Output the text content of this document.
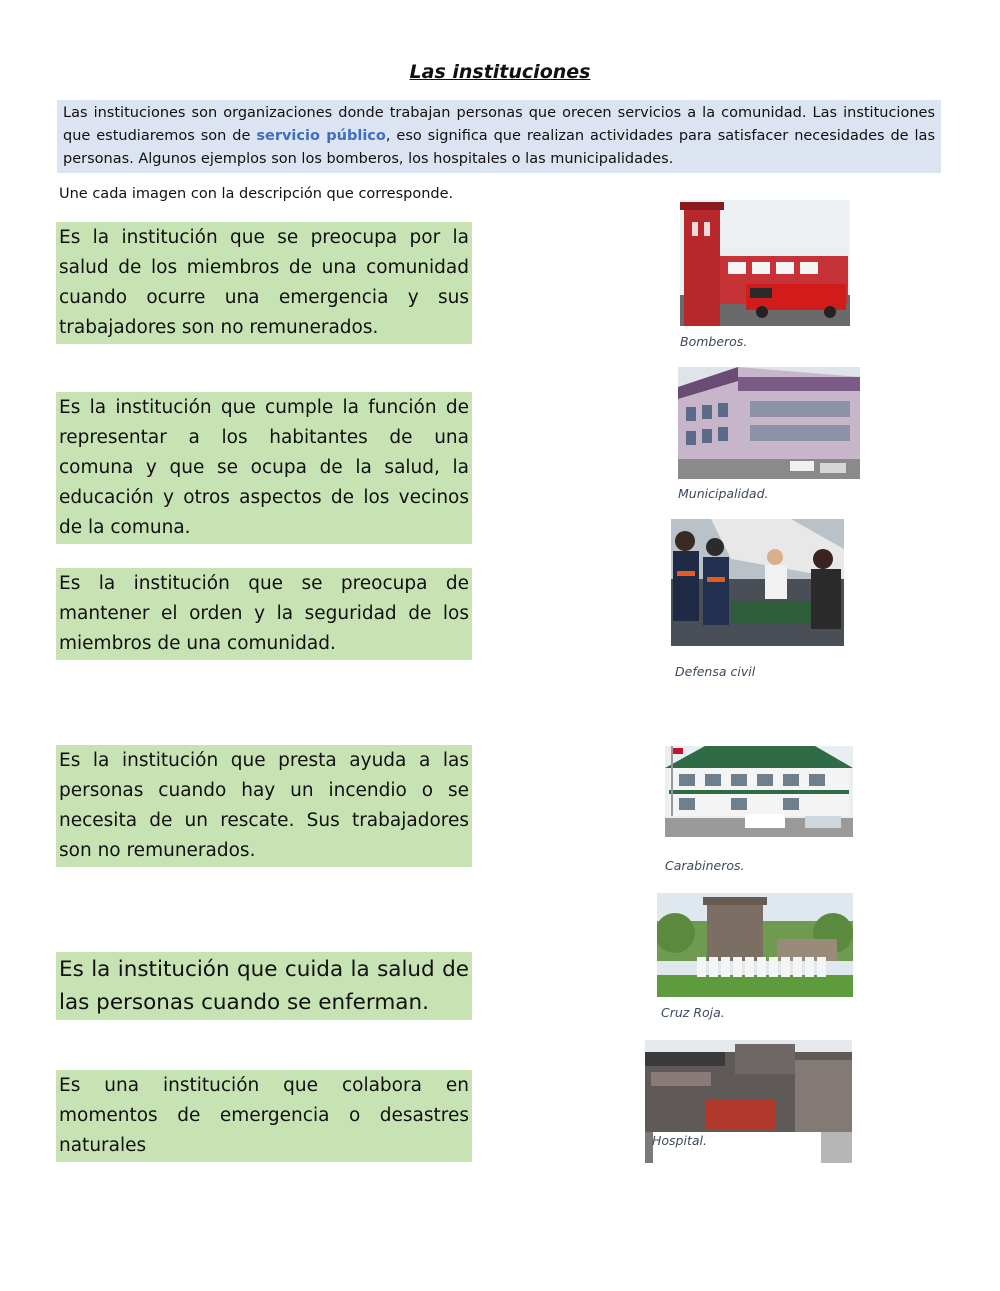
Las instituciones
Las instituciones son organizaciones donde trabajan personas que orecen servicios a la comunidad. Las instituciones que estudiaremos son de servicio público, eso significa que realizan actividades para satisfacer necesidades de las personas. Algunos ejemplos son los bomberos, los hospitales o las municipalidades.
Une cada imagen con la descripción que corresponde.
Es la institución que se preocupa por la salud de los miembros de una comunidad cuando ocurre una emergencia y sus trabajadores son no remunerados.
Es la institución que cumple la función de representar a los habitantes de una comuna y que se ocupa de la salud, la educación y otros aspectos de los vecinos de la comuna.
Es la institución que se preocupa de mantener el orden y la seguridad de los miembros de una comunidad.
Es la institución que presta ayuda a las personas cuando hay un incendio o se necesita de un rescate. Sus trabajadores son no remunerados.
Es la institución que cuida la salud de las personas cuando se enferman.
Es una institución que colabora en momentos de emergencia o desastres naturales
Bomberos.
Municipalidad.
Defensa civil
Carabineros.
Cruz Roja.
Hospital.
